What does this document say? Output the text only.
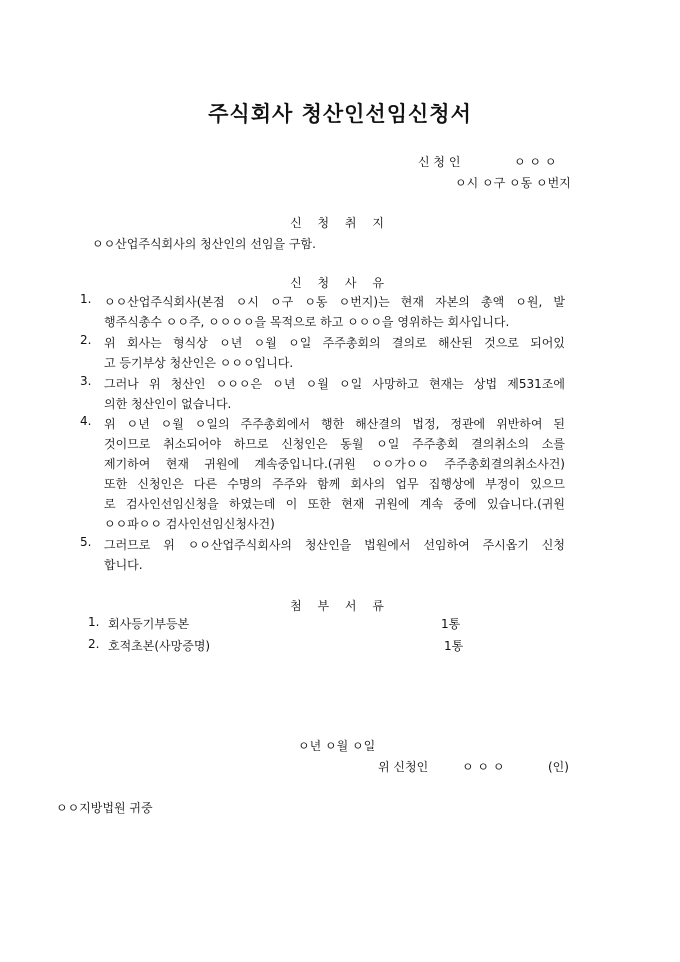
주식회사 청산인선임신청서
신 청 인	ㅇ ㅇ ㅇ
ㅇ시 ㅇ구 ㅇ동 ㅇ번지
신 청 취 지
ㅇㅇ산업주식회사의 청산인의 선임을 구함.
신 청 사 유
1.	ㅇㅇ산업주식회사(본점 ㅇ시 ㅇ구 ㅇ동 ㅇ번지)는 현재 자본의 총액 ㅇ원, 발
행주식총수 ㅇㅇ주, ㅇㅇㅇㅇ을 목적으로 하고 ㅇㅇㅇ을 영위하는 회사입니다.
2.	위 회사는 형식상 ㅇ년 ㅇ월 ㅇ일 주주총회의 결의로 해산된 것으로 되어있
고 등기부상 청산인은 ㅇㅇㅇ입니다.
3.	그러나 위 청산인 ㅇㅇㅇ은 ㅇ년 ㅇ월 ㅇ일 사망하고 현재는 상법 제531조에
의한 청산인이 없습니다.
4.	위 ㅇ년 ㅇ월 ㅇ일의 주주총회에서 행한 해산결의 법정, 정관에 위반하여 된
것이므로 취소되어야 하므로 신청인은 동월 ㅇ일 주주총회 결의취소의 소를
제기하여 현재 귀원에 계속중입니다.(귀원 ㅇㅇ가ㅇㅇ 주주총회결의취소사건)
또한 신청인은 다른 수명의 주주와 함께 회사의 업무 집행상에 부정이 있으므
로 검사인선임신청을 하였는데 이 또한 현재 귀원에 계속 중에 있습니다.(귀원
ㅇㅇ파ㅇㅇ 검사인선임신청사건)
5.	그러므로 위 ㅇㅇ산업주식회사의 청산인을 법원에서 선임하여 주시옵기 신청
합니다.
첨 부 서 류
1. 회사등기부등본	1통
2. 호적초본(사망증명)	1통
ㅇ년 ㅇ월 ㅇ일
위 신청인	ㅇ ㅇ ㅇ	(인)
ㅇㅇ지방법원 귀중
